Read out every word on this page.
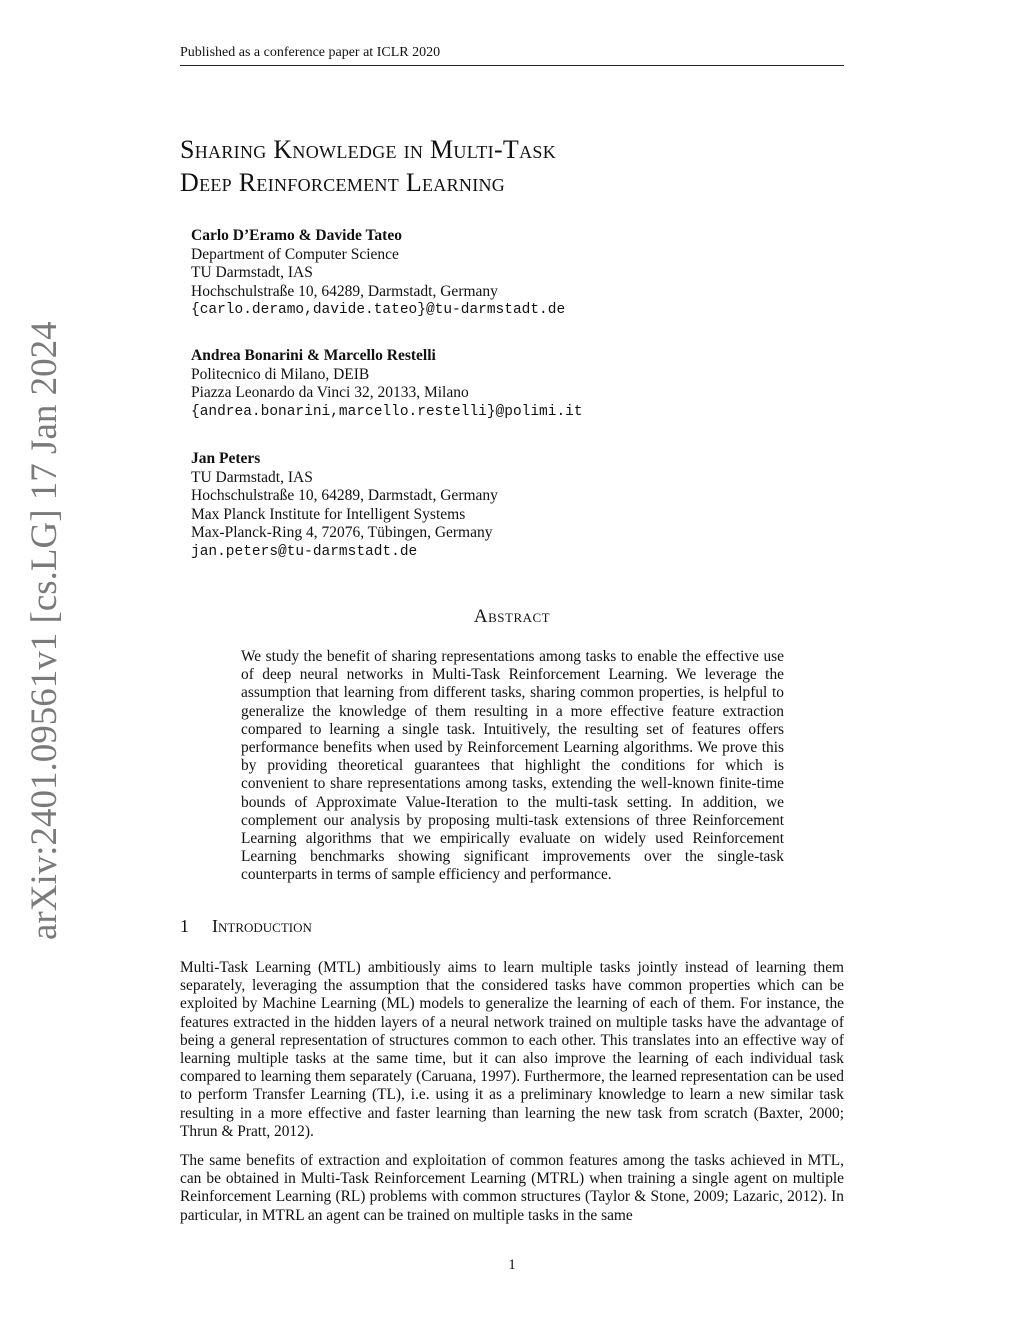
Published as a conference paper at ICLR 2020
Sharing Knowledge in Multi-Task
Deep Reinforcement Learning
Carlo D’Eramo & Davide Tateo
Department of Computer Science
TU Darmstadt, IAS
Hochschulstraße 10, 64289, Darmstadt, Germany
{carlo.deramo,davide.tateo}@tu-darmstadt.de
Andrea Bonarini & Marcello Restelli
Politecnico di Milano, DEIB
Piazza Leonardo da Vinci 32, 20133, Milano
{andrea.bonarini,marcello.restelli}@polimi.it
Jan Peters
TU Darmstadt, IAS
Hochschulstraße 10, 64289, Darmstadt, Germany
Max Planck Institute for Intelligent Systems
Max-Planck-Ring 4, 72076, Tübingen, Germany
jan.peters@tu-darmstadt.de
arXiv:2401.09561v1 [cs.LG] 17 Jan 2024	Abstract
We study the benefit of sharing representations among tasks to enable the effective use of deep neural networks in Multi-Task Reinforcement Learning. We leverage the assumption that learning from different tasks, sharing common properties, is helpful to generalize the knowledge of them resulting in a more effective feature extraction compared to learning a single task. Intuitively, the resulting set of features offers performance benefits when used by Reinforcement Learning algorithms. We prove this by providing theoretical guarantees that highlight the conditions for which is convenient to share representations among tasks, extending the well-known finite-time bounds of Approximate Value-Iteration to the multi-task setting. In addition, we complement our analysis by proposing multi-task extensions of three Reinforcement Learning algorithms that we empirically evaluate on widely used Reinforcement Learning benchmarks showing significant improvements over the single-task counterparts in terms of sample efficiency and performance.
1 Introduction
Multi-Task Learning (MTL) ambitiously aims to learn multiple tasks jointly instead of learning them separately, leveraging the assumption that the considered tasks have common properties which can be exploited by Machine Learning (ML) models to generalize the learning of each of them. For instance, the features extracted in the hidden layers of a neural network trained on multiple tasks have the advantage of being a general representation of structures common to each other. This translates into an effective way of learning multiple tasks at the same time, but it can also improve the learning of each individual task compared to learning them separately (Caruana, 1997). Furthermore, the learned representation can be used to perform Transfer Learning (TL), i.e. using it as a preliminary knowledge to learn a new similar task resulting in a more effective and faster learning than learning the new task from scratch (Baxter, 2000; Thrun & Pratt, 2012).
The same benefits of extraction and exploitation of common features among the tasks achieved in MTL, can be obtained in Multi-Task Reinforcement Learning (MTRL) when training a single agent on multiple Reinforcement Learning (RL) problems with common structures (Taylor & Stone, 2009; Lazaric, 2012). In particular, in MTRL an agent can be trained on multiple tasks in the same
1
